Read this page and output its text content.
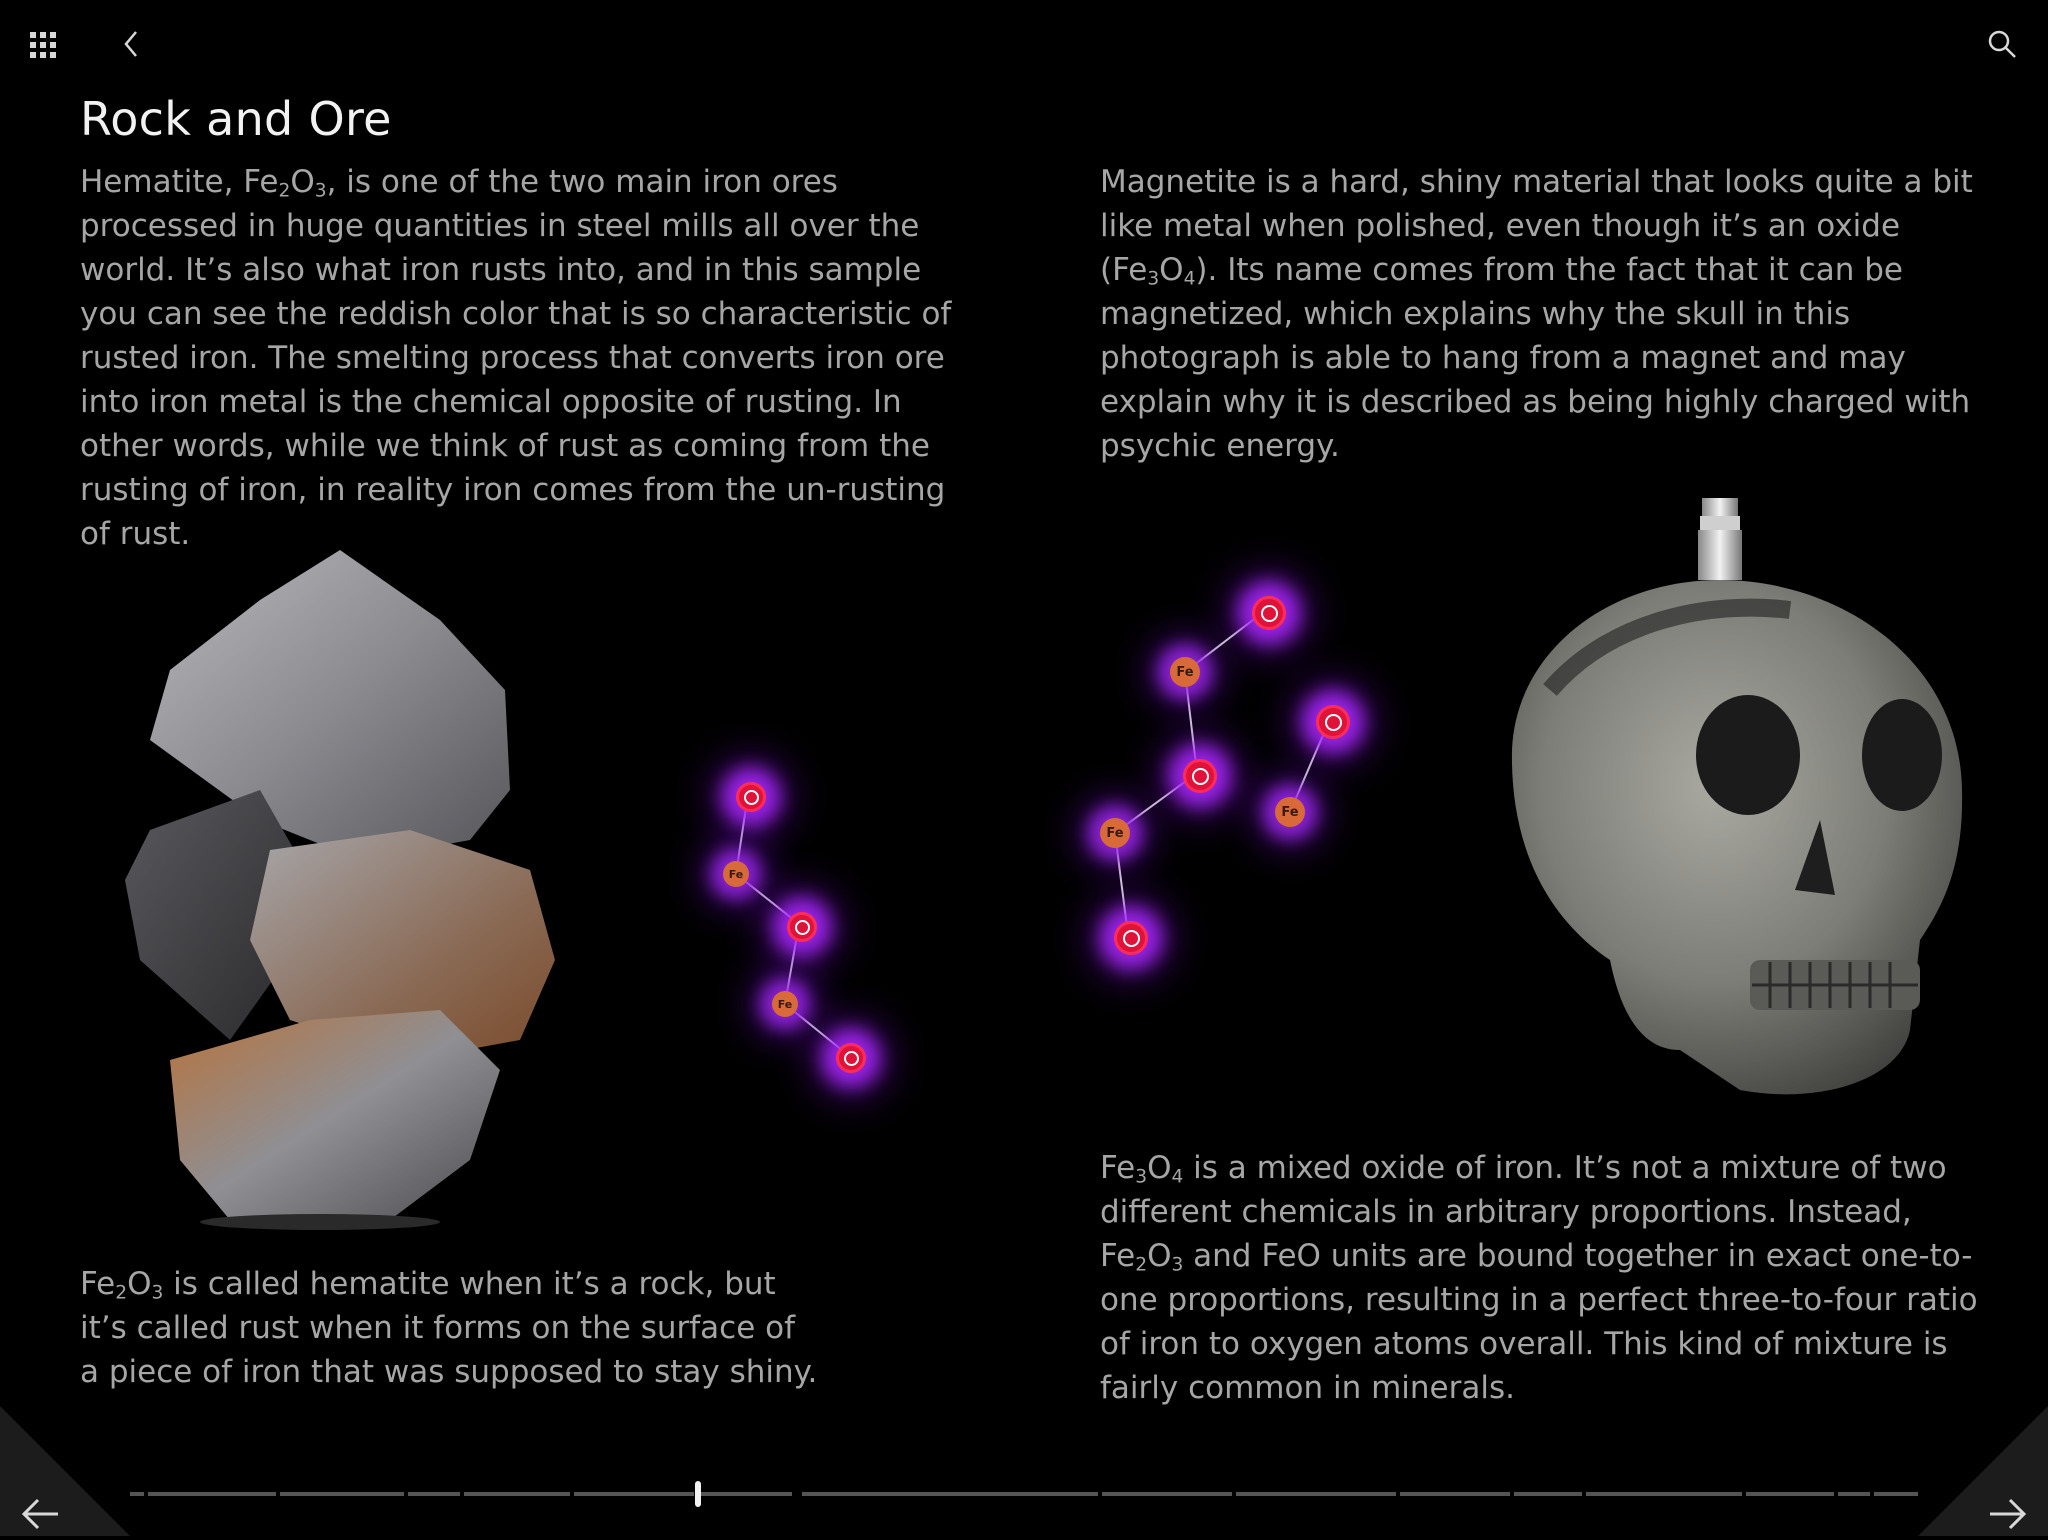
Rock and Ore

Hematite, $Fe_2O_3$, is one of the two main iron ores processed in huge quantities in steel mills all over the world. It’s also what iron rusts into, and in this sample you can see the reddish color that is so characteristic of rusted iron. The smelting process that converts iron ore into iron metal is the chemical opposite of rusting. In other words, while we think of rust as coming from the rusting of iron, in reality iron comes from the un-rusting of rust.

Magnetite is a hard, shiny material that looks quite a bit like metal when polished, even though it’s an oxide $(Fe_3O_4)$. Its name comes from the fact that it can be magnetized, which explains why the skull in this photograph is able to hang from a magnet and may explain why it is described as being highly charged with psychic energy.

Fe
Fe
Fe
Fe
Fe

$Fe_2O_3$ is called hematite when it’s a rock, but it’s called rust when it forms on the surface of a piece of iron that was supposed to stay shiny.

$Fe_3O_4$ is a mixed oxide of iron. It’s not a mixture of two different chemicals in arbitrary proportions. Instead, $Fe_2O_3$ and FeO units are bound together in exact one-to-one proportions, resulting in a perfect three-to-four ratio of iron to oxygen atoms overall. This kind of mixture is fairly common in minerals.
